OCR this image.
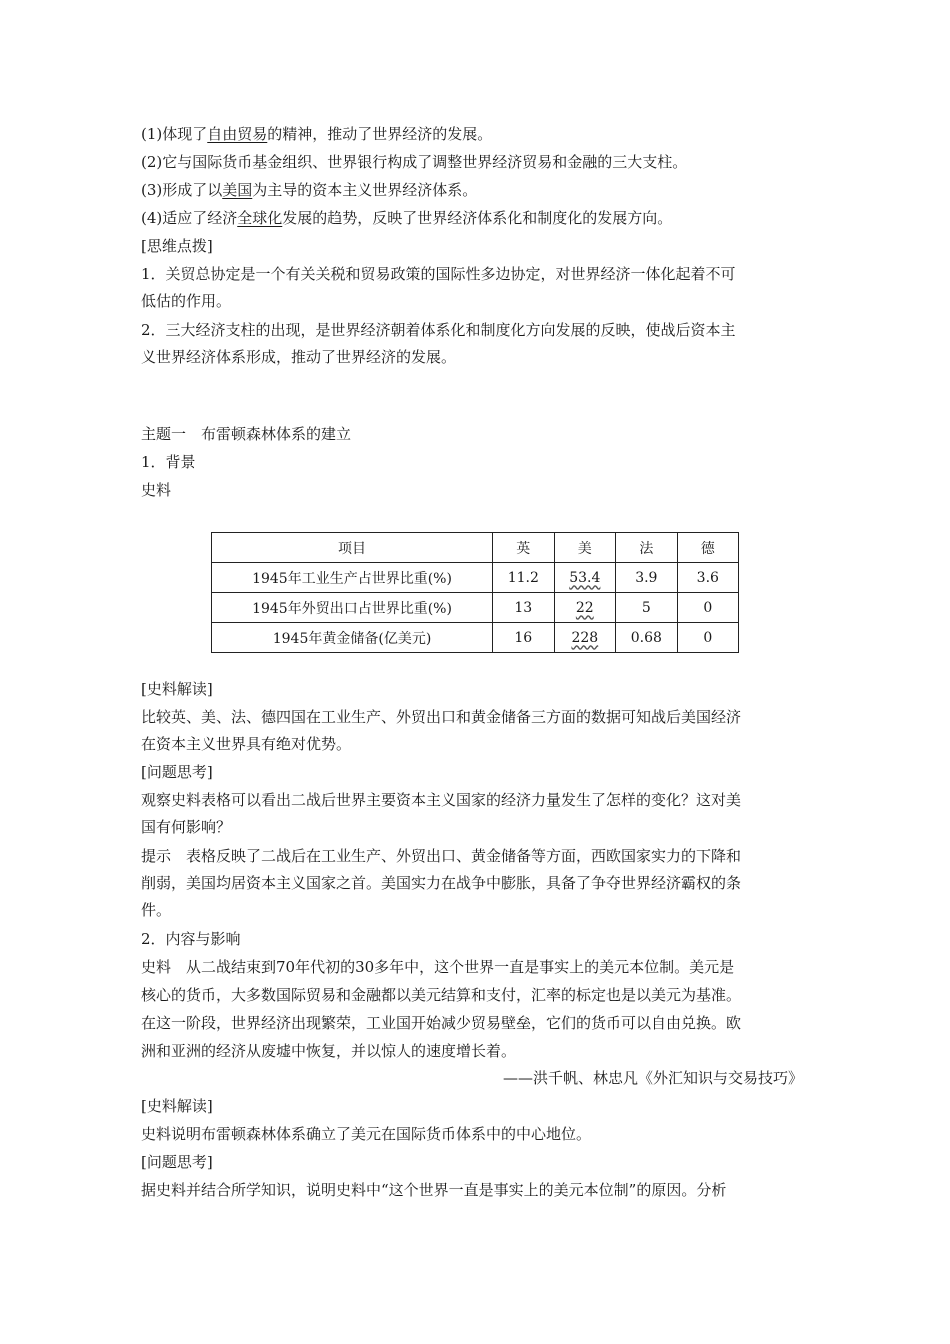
(1)体现了自由贸易的精神，推动了世界经济的发展。
(2)它与国际货币基金组织、世界银行构成了调整世界经济贸易和金融的三大支柱。
(3)形成了以美国为主导的资本主义世界经济体系。
(4)适应了经济全球化发展的趋势，反映了世界经济体系化和制度化的发展方向。
[思维点拨]
1．关贸总协定是一个有关关税和贸易政策的国际性多边协定，对世界经济一体化起着不可
低估的作用。
2．三大经济支柱的出现，是世界经济朝着体系化和制度化方向发展的反映，使战后资本主
义世界经济体系形成，推动了世界经济的发展。
主题一　布雷顿森林体系的建立
1．背景
史料
项目	英	美	法	德
1945年工业生产占世界比重(%)	11.2	53.4	3.9	3.6
1945年外贸出口占世界比重(%)	13	22	5	0
1945年黄金储备(亿美元)	16	228	0.68	0
[史料解读]
比较英、美、法、德四国在工业生产、外贸出口和黄金储备三方面的数据可知战后美国经济
在资本主义世界具有绝对优势。
[问题思考]
观察史料表格可以看出二战后世界主要资本主义国家的经济力量发生了怎样的变化？这对美
国有何影响？
提示　表格反映了二战后在工业生产、外贸出口、黄金储备等方面，西欧国家实力的下降和
削弱，美国均居资本主义国家之首。美国实力在战争中膨胀，具备了争夺世界经济霸权的条
件。
2．内容与影响
史料　从二战结束到70年代初的30多年中，这个世界一直是事实上的美元本位制。美元是
核心的货币，大多数国际贸易和金融都以美元结算和支付，汇率的标定也是以美元为基准。
在这一阶段，世界经济出现繁荣，工业国开始减少贸易壁垒，它们的货币可以自由兑换。欧
洲和亚洲的经济从废墟中恢复，并以惊人的速度增长着。
——洪千帆、林忠凡《外汇知识与交易技巧》
[史料解读]
史料说明布雷顿森林体系确立了美元在国际货币体系中的中心地位。
[问题思考]
据史料并结合所学知识，说明史料中“这个世界一直是事实上的美元本位制”的原因。分析
